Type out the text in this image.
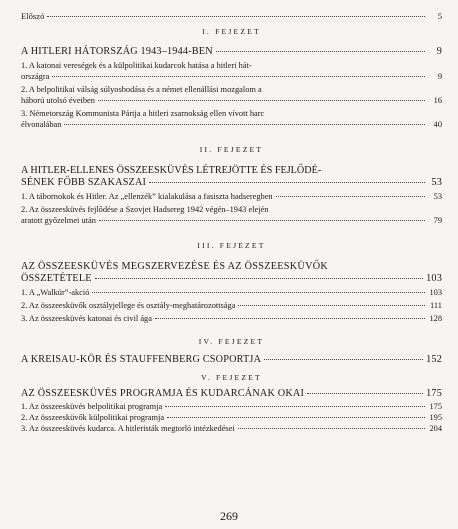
Előszó	5
I. FEJEZET
A HITLERI HÁTORSZÁG 1943–1944-BEN	9
1. A katonai vereségek és a külpolitikai kudarcok hatása a hitleri hát-
országra	9
2. A belpolitikai válság súlyosbodása és a német ellenállási mozgalom a
háború utolsó éveiben	16
3. Németország Kommunista Pártja a hitleri zsarnokság ellen vívott harc
élvonalában	40
II. FEJEZET
A HITLER-ELLENES ÖSSZEESKÜVÉS LÉTREJÖTTE ÉS FEJLŐDÉ-
SÉNEK FŐBB SZAKASZAI	53
1. A tábornokok és Hitler. Az „ellenzék” kialakulása a fasiszta hadseregben	53
2. Az összeesküvés fejlődése a Szovjet Hadsereg 1942 végén–1943 elején
aratott győzelmei után	79
III. FEJEZET
AZ ÖSSZEESKÜVÉS MEGSZERVEZÉSE ÉS AZ ÖSSZEESKÜVŐK
ÖSSZETÉTELE	103
1. A „Walkür”-akció	103
2. Az összeesküvők osztályjellege és osztály-meghatározottsága	111
3. Az összeesküvés katonai és civil ága	128
IV. FEJEZET
A KREISAU-KÖR ÉS STAUFFENBERG CSOPORTJA	152
V. FEJEZET
AZ ÖSSZEESKÜVÉS PROGRAMJA ÉS KUDARCÁNAK OKAI	175
1. Az összeesküvés belpolitikai programja	175
2. Az összeesküvők külpolitikai programja	195
3. Az összeesküvés kudarca. A hitleristák megtorló intézkedései	204
269
